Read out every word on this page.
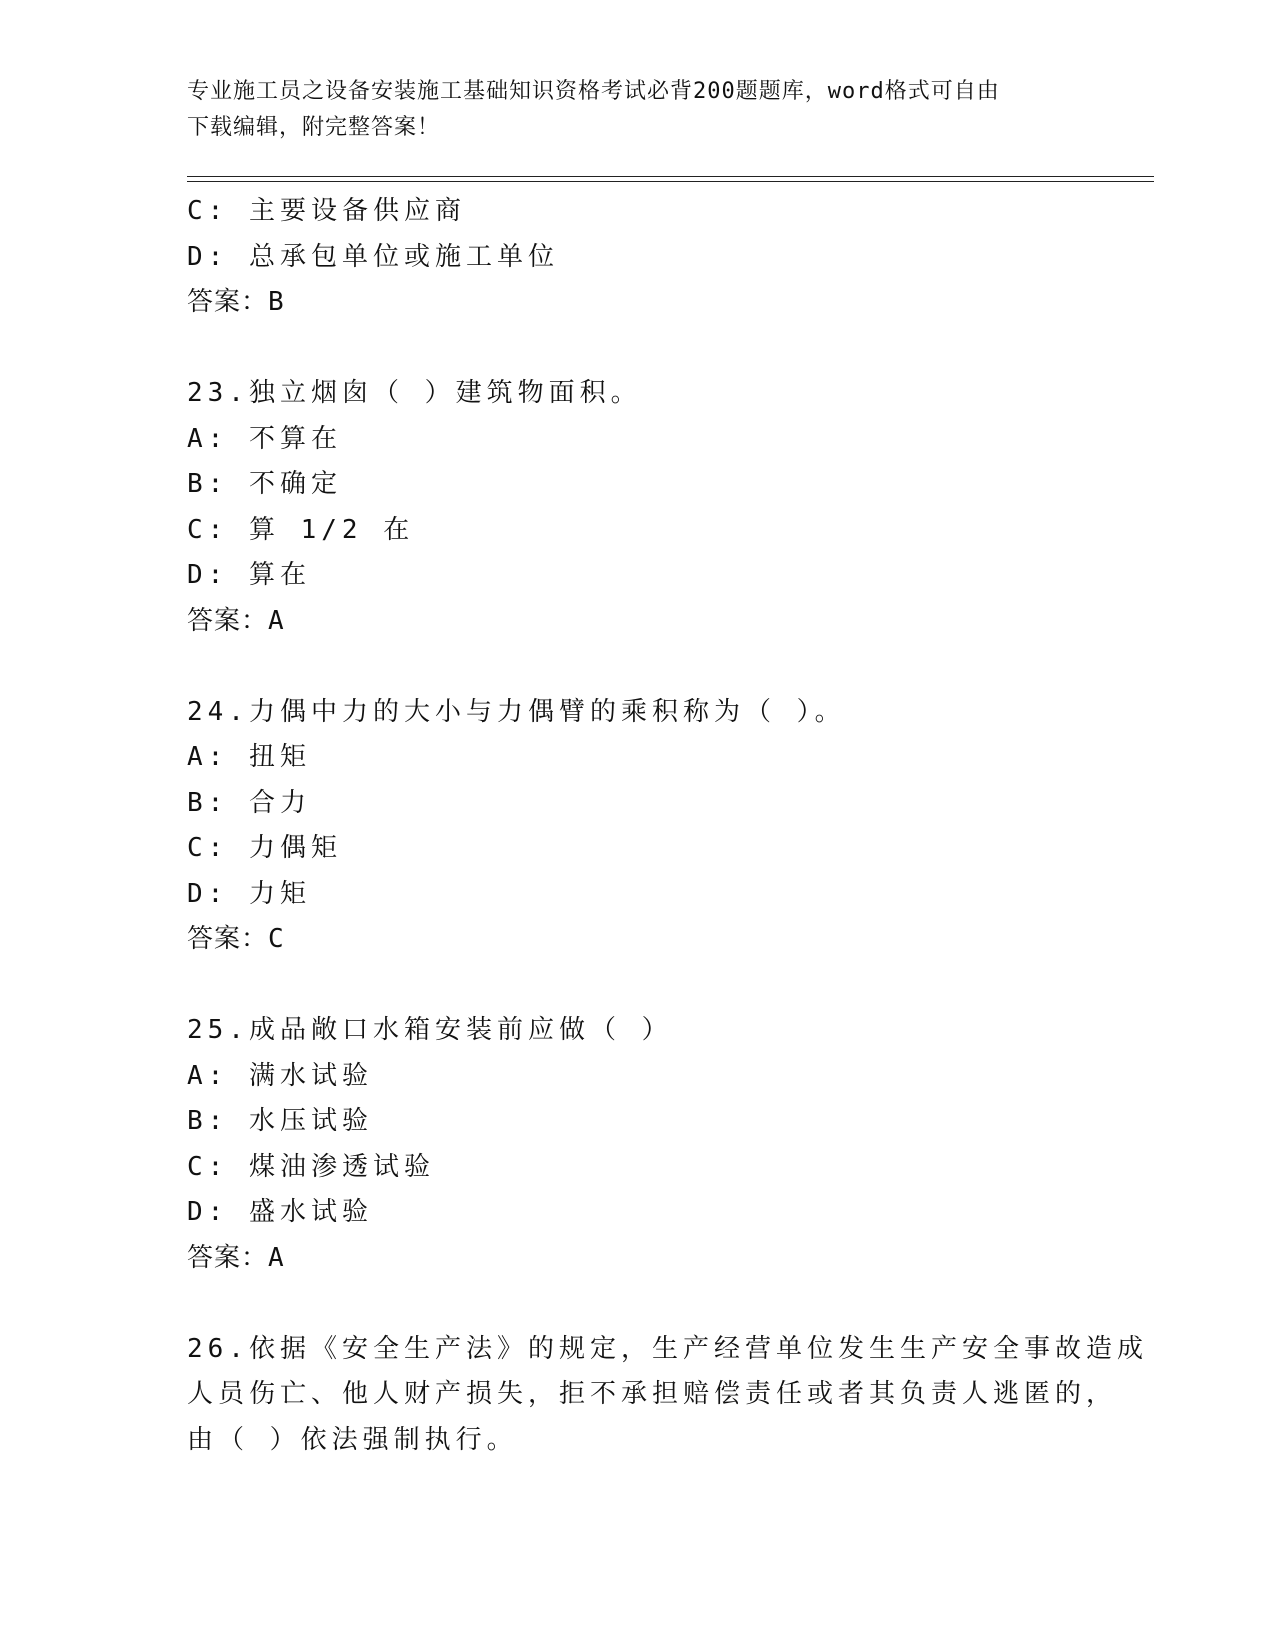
专业施工员之设备安装施工基础知识资格考试必背200题题库，word格式可自由
下载编辑，附完整答案！
C: 主要设备供应商
D: 总承包单位或施工单位
答案：B
23.独立烟囱（ ）建筑物面积。
A: 不算在
B: 不确定
C: 算 1/2 在
D: 算在
答案：A
24.力偶中力的大小与力偶臂的乘积称为（ ）。
A: 扭矩
B: 合力
C: 力偶矩
D: 力矩
答案：C
25.成品敞口水箱安装前应做（ ）
A: 满水试验
B: 水压试验
C: 煤油渗透试验
D: 盛水试验
答案：A
26.依据《安全生产法》的规定，生产经营单位发生生产安全事故造成
人员伤亡、他人财产损失，拒不承担赔偿责任或者其负责人逃匿的，
由（ ）依法强制执行。
